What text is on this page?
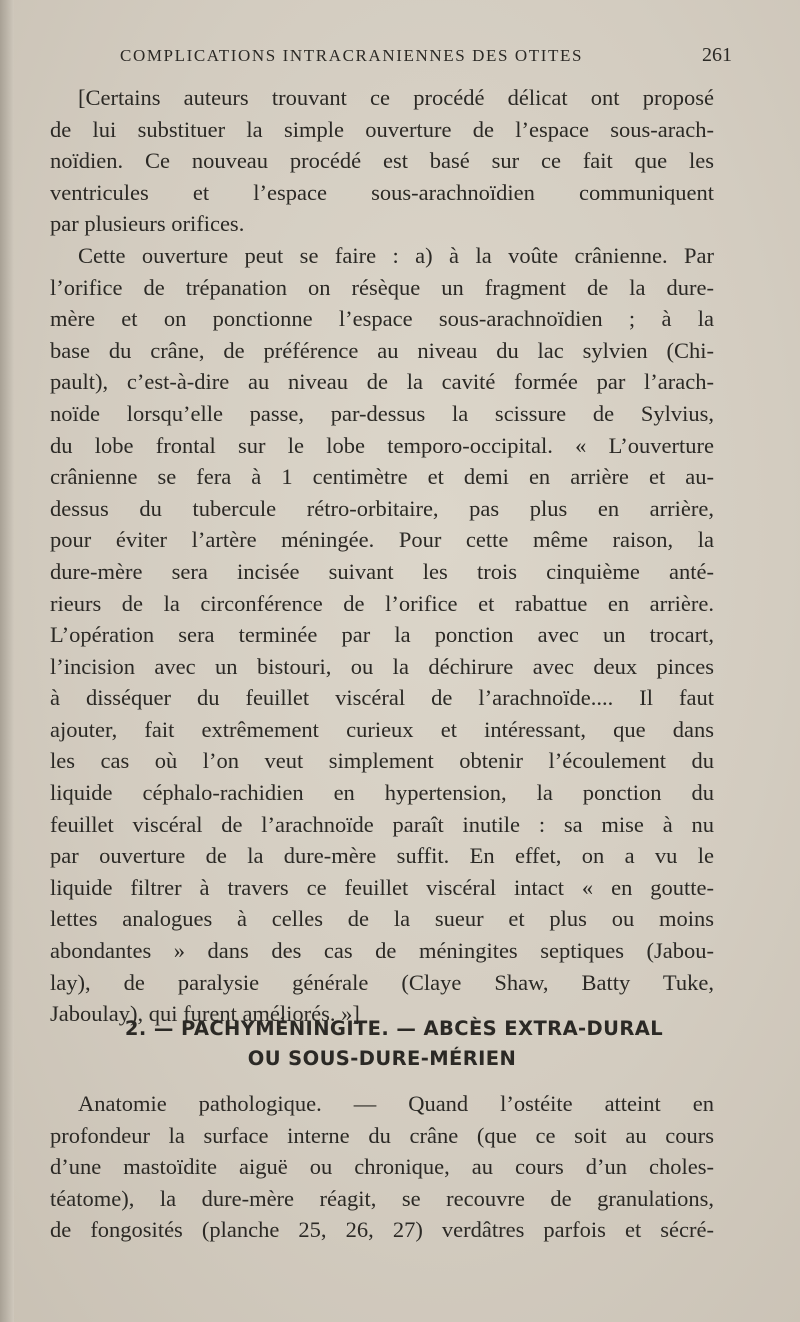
COMPLICATIONS INTRACRANIENNES DES OTITES	261
[Certains auteurs trouvant ce procédé délicat ont proposé
de lui substituer la simple ouverture de l’espace sous-arach-
noïdien. Ce nouveau procédé est basé sur ce fait que les
ventricules et l’espace sous-arachnoïdien communiquent
par plusieurs orifices.
Cette ouverture peut se faire : a) à la voûte crânienne. Par
l’orifice de trépanation on résèque un fragment de la dure-
mère et on ponctionne l’espace sous-arachnoïdien ; à la
base du crâne, de préférence au niveau du lac sylvien (Chi-
pault), c’est-à-dire au niveau de la cavité formée par l’arach-
noïde lorsqu’elle passe, par-dessus la scissure de Sylvius,
du lobe frontal sur le lobe temporo-occipital. « L’ouverture
crânienne se fera à 1 centimètre et demi en arrière et au-
dessus du tubercule rétro-orbitaire, pas plus en arrière,
pour éviter l’artère méningée. Pour cette même raison, la
dure-mère sera incisée suivant les trois cinquième anté-
rieurs de la circonférence de l’orifice et rabattue en arrière.
L’opération sera terminée par la ponction avec un trocart,
l’incision avec un bistouri, ou la déchirure avec deux pinces
à disséquer du feuillet viscéral de l’arachnoïde.... Il faut
ajouter, fait extrêmement curieux et intéressant, que dans
les cas où l’on veut simplement obtenir l’écoulement du
liquide céphalo-rachidien en hypertension, la ponction du
feuillet viscéral de l’arachnoïde paraît inutile : sa mise à nu
par ouverture de la dure-mère suffit. En effet, on a vu le
liquide filtrer à travers ce feuillet viscéral intact « en goutte-
lettes analogues à celles de la sueur et plus ou moins
abondantes » dans des cas de méningites septiques (Jabou-
lay), de paralysie générale (Claye Shaw, Batty Tuke,
Jaboulay), qui furent améliorés. »]
2. — PACHYMÉNINGITE. — ABCÈS EXTRA-DURAL
OU SOUS-DURE-MÉRIEN
Anatomie pathologique. — Quand l’ostéite atteint en
profondeur la surface interne du crâne (que ce soit au cours
d’une mastoïdite aiguë ou chronique, au cours d’un choles-
téatome), la dure-mère réagit, se recouvre de granulations,
de fongosités (planche 25, 26, 27) verdâtres parfois et sécré-
